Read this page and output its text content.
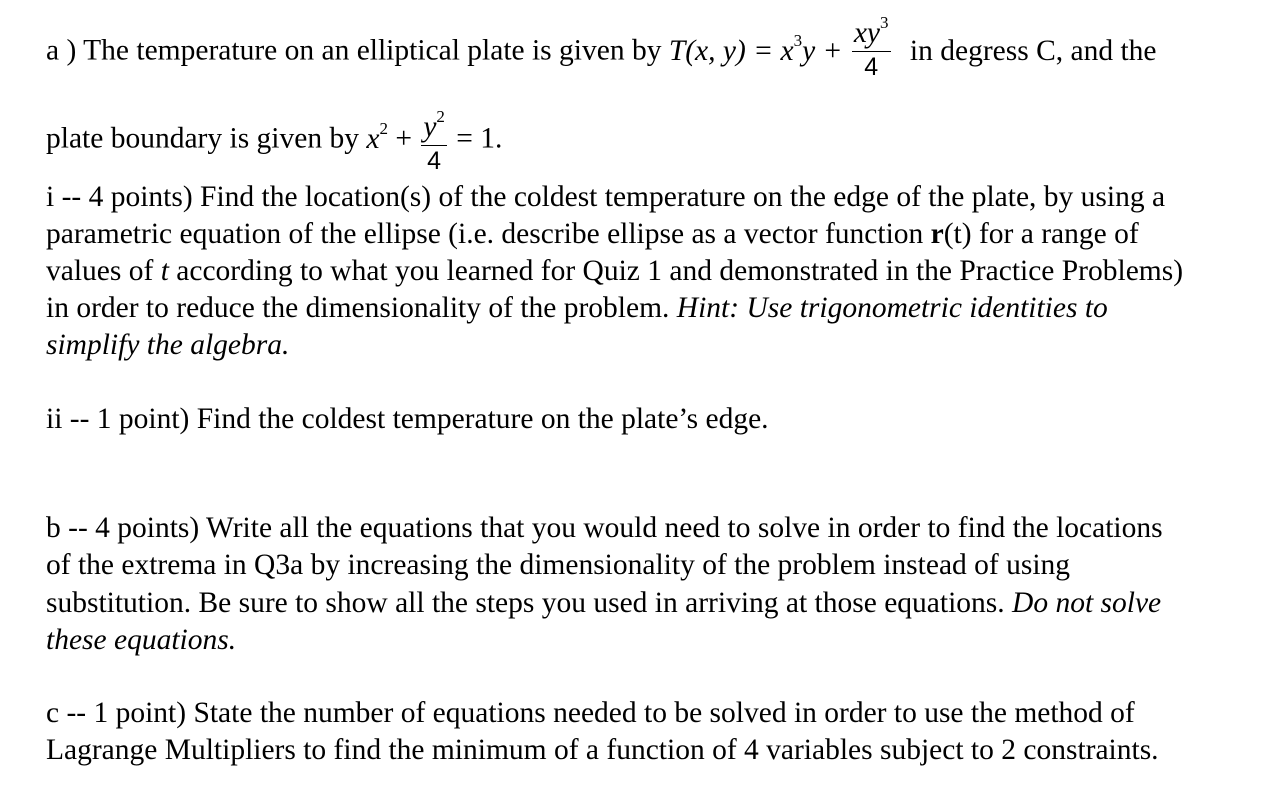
a ) The temperature on an elliptical plate is given by T(x, $y) = x^3y + \frac{xy^3}{4}$ in degress C, and the
plate boundary is given by $x^2 + \frac{y^2}{4} = 1$.
i -- 4 points) Find the location(s) of the coldest temperature on the edge of the plate, by using a
parametric equation of the ellipse (i.e. describe ellipse as a vector function r(t) for a range of
values of t according to what you learned for Quiz 1 and demonstrated in the Practice Problems)
in order to reduce the dimensionality of the problem. Hint: Use trigonometric identities to
simplify the algebra.
ii -- 1 point) Find the coldest temperature on the plate’s edge.
b -- 4 points) Write all the equations that you would need to solve in order to find the locations
of the extrema in Q3a by increasing the dimensionality of the problem instead of using
substitution. Be sure to show all the steps you used in arriving at those equations. Do not solve
these equations.
c -- 1 point) State the number of equations needed to be solved in order to use the method of
Lagrange Multipliers to find the minimum of a function of 4 variables subject to 2 constraints.
